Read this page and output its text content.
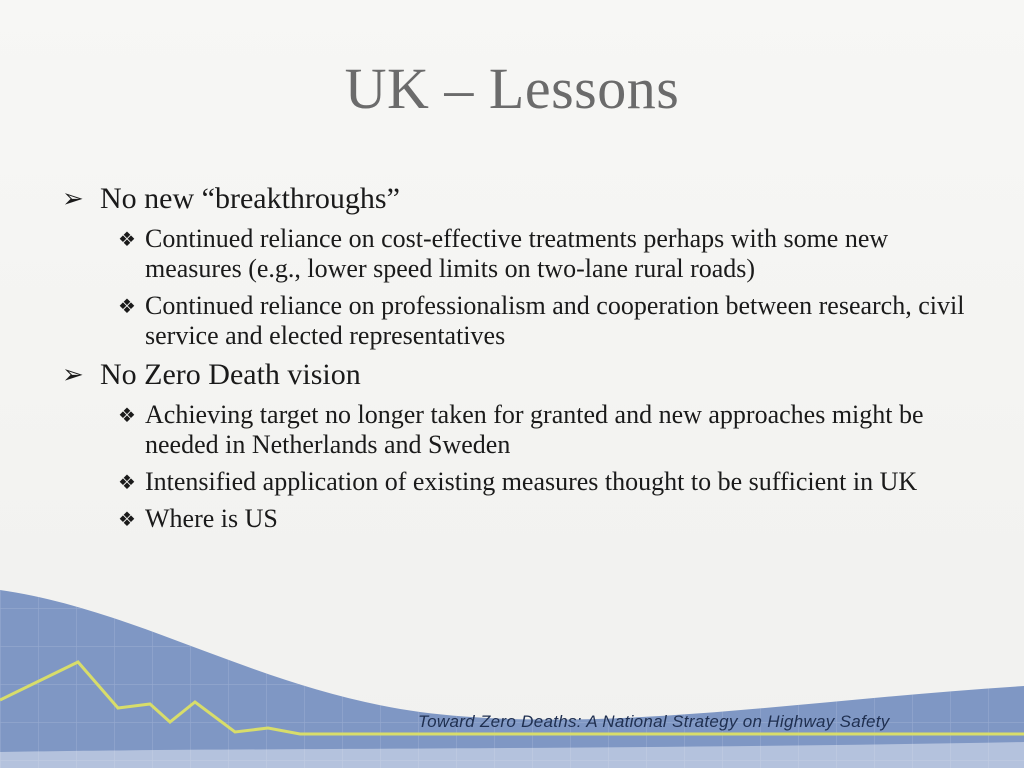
UK – Lessons
➢ No new “breakthroughs”
❖ Continued reliance on cost-effective treatments perhaps with some new measures (e.g., lower speed limits on two-lane rural roads)
❖ Continued reliance on professionalism and cooperation between research, civil service and elected representatives
➢ No Zero Death vision
❖ Achieving target no longer taken for granted and new approaches might be needed in Netherlands and Sweden
❖ Intensified application of existing measures thought to be sufficient in UK
❖ Where is US
Toward Zero Deaths: A National Strategy on Highway Safety
